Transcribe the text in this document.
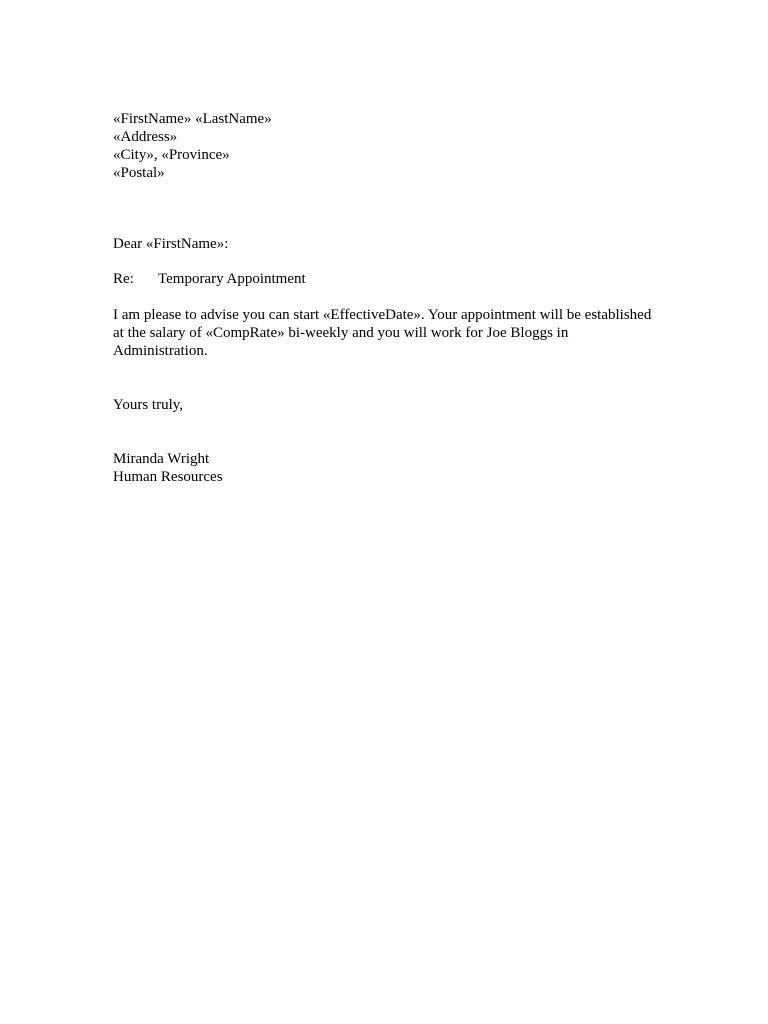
«FirstName» «LastName»
«Address»
«City», «Province»
«Postal»
Dear «FirstName»:
Re:	Temporary Appointment
I am please to advise you can start «EffectiveDate». Your appointment will be established at the salary of «CompRate» bi-weekly and you will work for Joe Bloggs in Administration.
Yours truly,
Miranda Wright
Human Resources
